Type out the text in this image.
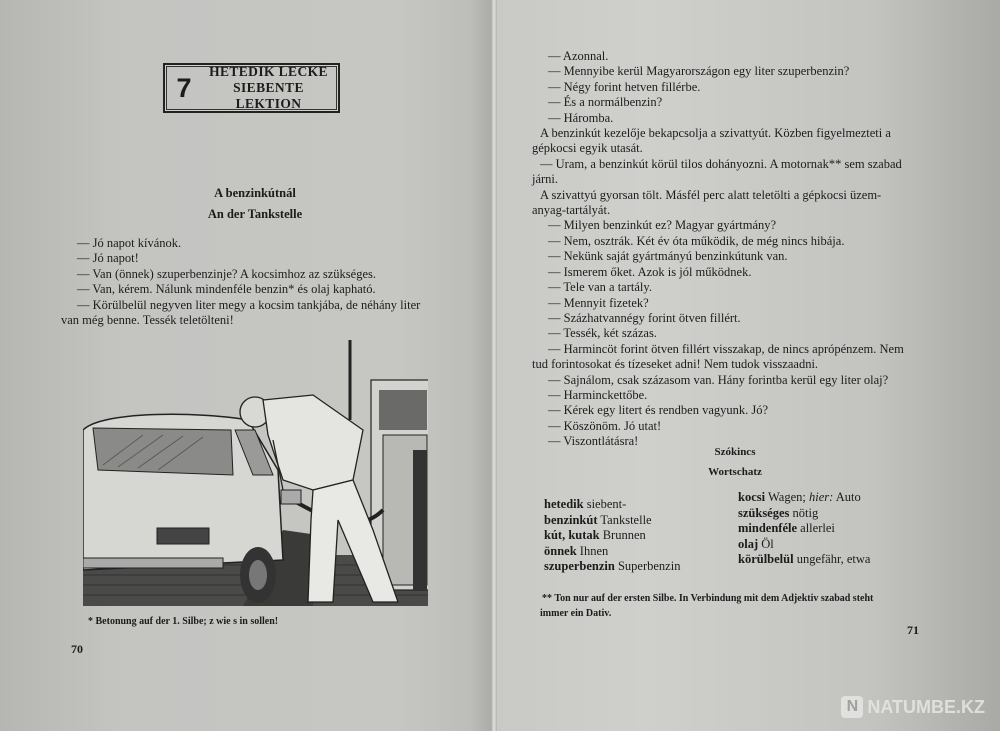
7
HETEDIK LECKE
SIEBENTE LEKTION
A benzinkútnál
An der Tankstelle
— Jó napot kívánok.
— Jó napot!
— Van (önnek) szuperbenzinje? A kocsimhoz az szükséges.
— Van, kérem. Nálunk mindenféle benzin* és olaj kapható.
— Körülbelül negyven liter megy a kocsim tankjába, de néhány liter
van még benne. Tessék teletölteni!
* Betonung auf der 1. Silbe; z wie s in sollen!
70
— Azonnal.
— Mennyibe kerül Magyarországon egy liter szuperbenzin?
— Négy forint hetven fillérbe.
— És a normálbenzin?
— Háromba.
A benzinkút kezelője bekapcsolja a szivattyút. Közben figyelmezteti a
gépkocsi egyik utasát.
— Uram, a benzinkút körül tilos dohányozni. A motornak** sem szabad
járni.
A szivattyú gyorsan tölt. Másfél perc alatt teletölti a gépkocsi üzem-
anyag-tartályát.
— Milyen benzinkút ez? Magyar gyártmány?
— Nem, osztrák. Két év óta működik, de még nincs hibája.
— Nekünk saját gyártmányú benzinkútunk van.
— Ismerem őket. Azok is jól működnek.
— Tele van a tartály.
— Mennyit fizetek?
— Százhatvannégy forint ötven fillért.
— Tessék, két százas.
— Harmincöt forint ötven fillért visszakap, de nincs aprópénzem. Nem
tud forintosokat és tízeseket adni! Nem tudok visszaadni.
— Sajnálom, csak százasom van. Hány forintba kerül egy liter olaj?
— Harminckettőbe.
— Kérek egy litert és rendben vagyunk. Jó?
— Köszönöm. Jó utat!
— Viszontlátásra!
Szókincs
Wortschatz
hetedik siebent-
benzinkút Tankstelle
kút, kutak Brunnen
önnek Ihnen
szuperbenzin Superbenzin
kocsi Wagen; hier: Auto
szükséges nötig
mindenféle allerlei
olaj Öl
körülbelül ungefähr, etwa
** Ton nur auf der ersten Silbe. In Verbindung mit dem Adjektiv szabad steht
immer ein Dativ.
71
N NATUMBE.KZ
